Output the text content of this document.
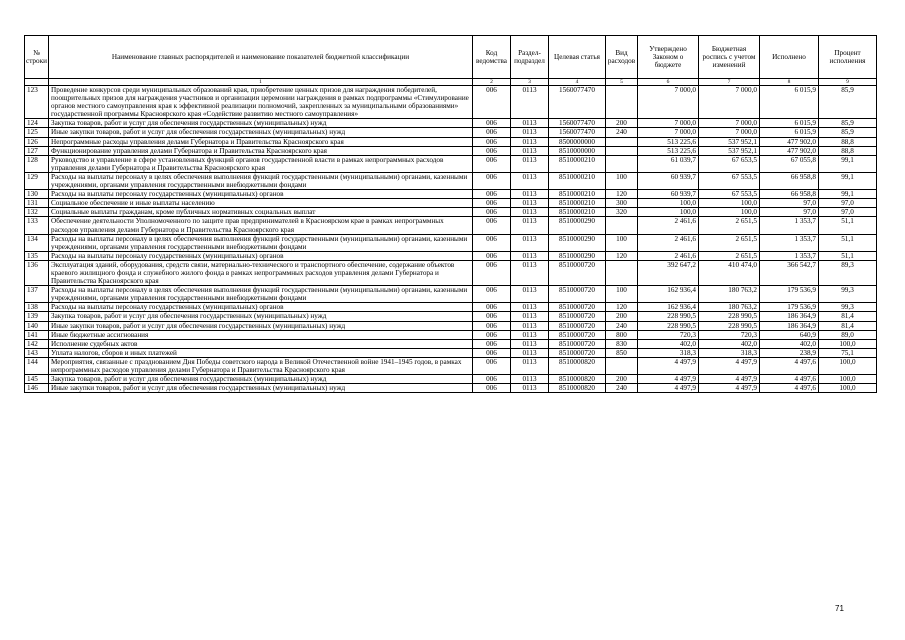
№ строки	Наименование главных распорядителей и наименование показателей бюджетной классификации	Код ведомства	Раздел-подраздел	Целевая статья	Вид расходов	Утверждено Законом о бюджете	Бюджетная роспись с учетом изменений	Исполнено	Процент исполнения
	1	2	3	4	5	6	7	8	9
123	Проведение конкурсов среди муниципальных образований края, приобретение ценных призов для награждения победителей, поощрительных призов для награждения участников и организации церемонии награждения в рамках подпрограммы «Стимулирование органов местного самоуправления края к эффективной реализации полномочий, закрепленных за муниципальными образованиями» государственной программы Красноярского края «Содействие развитию местного самоуправления»	006	0113	1560077470		7 000,0	7 000,0	6 015,9	85,9
124	Закупка товаров, работ и услуг для обеспечения государственных (муниципальных) нужд	006	0113	1560077470	200	7 000,0	7 000,0	6 015,9	85,9
125	Иные закупки товаров, работ и услуг для обеспечения государственных (муниципальных) нужд	006	0113	1560077470	240	7 000,0	7 000,0	6 015,9	85,9
126	Непрограммные расходы управления делами Губернатора и Правительства Красноярского края	006	0113	8500000000		513 225,6	537 952,1	477 902,0	88,8
127	Функционирование управления делами Губернатора и Правительства Красноярского края	006	0113	8510000000		513 225,6	537 952,1	477 902,0	88,8
128	Руководство и управление в сфере установленных функций органов государственной власти в рамках непрограммных расходов управления делами Губернатора и Правительства Красноярского края	006	0113	8510000210		61 039,7	67 653,5	67 055,8	99,1
129	Расходы на выплаты персоналу в целях обеспечения выполнения функций государственными (муниципальными) органами, казенными учреждениями, органами управления государственными внебюджетными фондами	006	0113	8510000210	100	60 939,7	67 553,5	66 958,8	99,1
130	Расходы на выплаты персоналу государственных (муниципальных) органов	006	0113	8510000210	120	60 939,7	67 553,5	66 958,8	99,1
131	Социальное обеспечение и иные выплаты населению	006	0113	8510000210	300	100,0	100,0	97,0	97,0
132	Социальные выплаты гражданам, кроме публичных нормативных социальных выплат	006	0113	8510000210	320	100,0	100,0	97,0	97,0
133	Обеспечение деятельности Уполномоченного по защите прав предпринимателей в Красноярском крае в рамках непрограммных расходов управления делами Губернатора и Правительства Красноярского края	006	0113	8510000290		2 461,6	2 651,5	1 353,7	51,1
134	Расходы на выплаты персоналу в целях обеспечения выполнения функций государственными (муниципальными) органами, казенными учреждениями, органами управления государственными внебюджетными фондами	006	0113	8510000290	100	2 461,6	2 651,5	1 353,7	51,1
135	Расходы на выплаты персоналу государственных (муниципальных) органов	006	0113	8510000290	120	2 461,6	2 651,5	1 353,7	51,1
136	Эксплуатация зданий, оборудования, средств связи, материально-технического и транспортного обеспечение, содержание объектов краевого жилищного фонда и служебного жилого фонда в рамках непрограммных расходов управления делами Губернатора и Правительства Красноярского края	006	0113	8510000720		392 647,2	410 474,0	366 542,7	89,3
137	Расходы на выплаты персоналу в целях обеспечения выполнения функций государственными (муниципальными) органами, казенными учреждениями, органами управления государственными внебюджетными фондами	006	0113	8510000720	100	162 936,4	180 763,2	179 536,9	99,3
138	Расходы на выплаты персоналу государственных (муниципальных) органов	006	0113	8510000720	120	162 936,4	180 763,2	179 536,9	99,3
139	Закупка товаров, работ и услуг для обеспечения государственных (муниципальных) нужд	006	0113	8510000720	200	228 990,5	228 990,5	186 364,9	81,4
140	Иные закупки товаров, работ и услуг для обеспечения государственных (муниципальных) нужд	006	0113	8510000720	240	228 990,5	228 990,5	186 364,9	81,4
141	Иные бюджетные ассигнования	006	0113	8510000720	800	720,3	720,3	640,9	89,0
142	Исполнение судебных актов	006	0113	8510000720	830	402,0	402,0	402,0	100,0
143	Уплата налогов, сборов и иных платежей	006	0113	8510000720	850	318,3	318,3	238,9	75,1
144	Мероприятия, связанные с празднованием Дня Победы советского народа в Великой Отечественной войне 1941–1945 годов, в рамках непрограммных расходов управления делами Губернатора и Правительства Красноярского края	006	0113	8510000820		4 497,9	4 497,9	4 497,6	100,0
145	Закупка товаров, работ и услуг для обеспечения государственных (муниципальных) нужд	006	0113	8510000820	200	4 497,9	4 497,9	4 497,6	100,0
146	Иные закупки товаров, работ и услуг для обеспечения государственных (муниципальных) нужд	006	0113	8510000820	240	4 497,9	4 497,9	4 497,6	100,0
71
